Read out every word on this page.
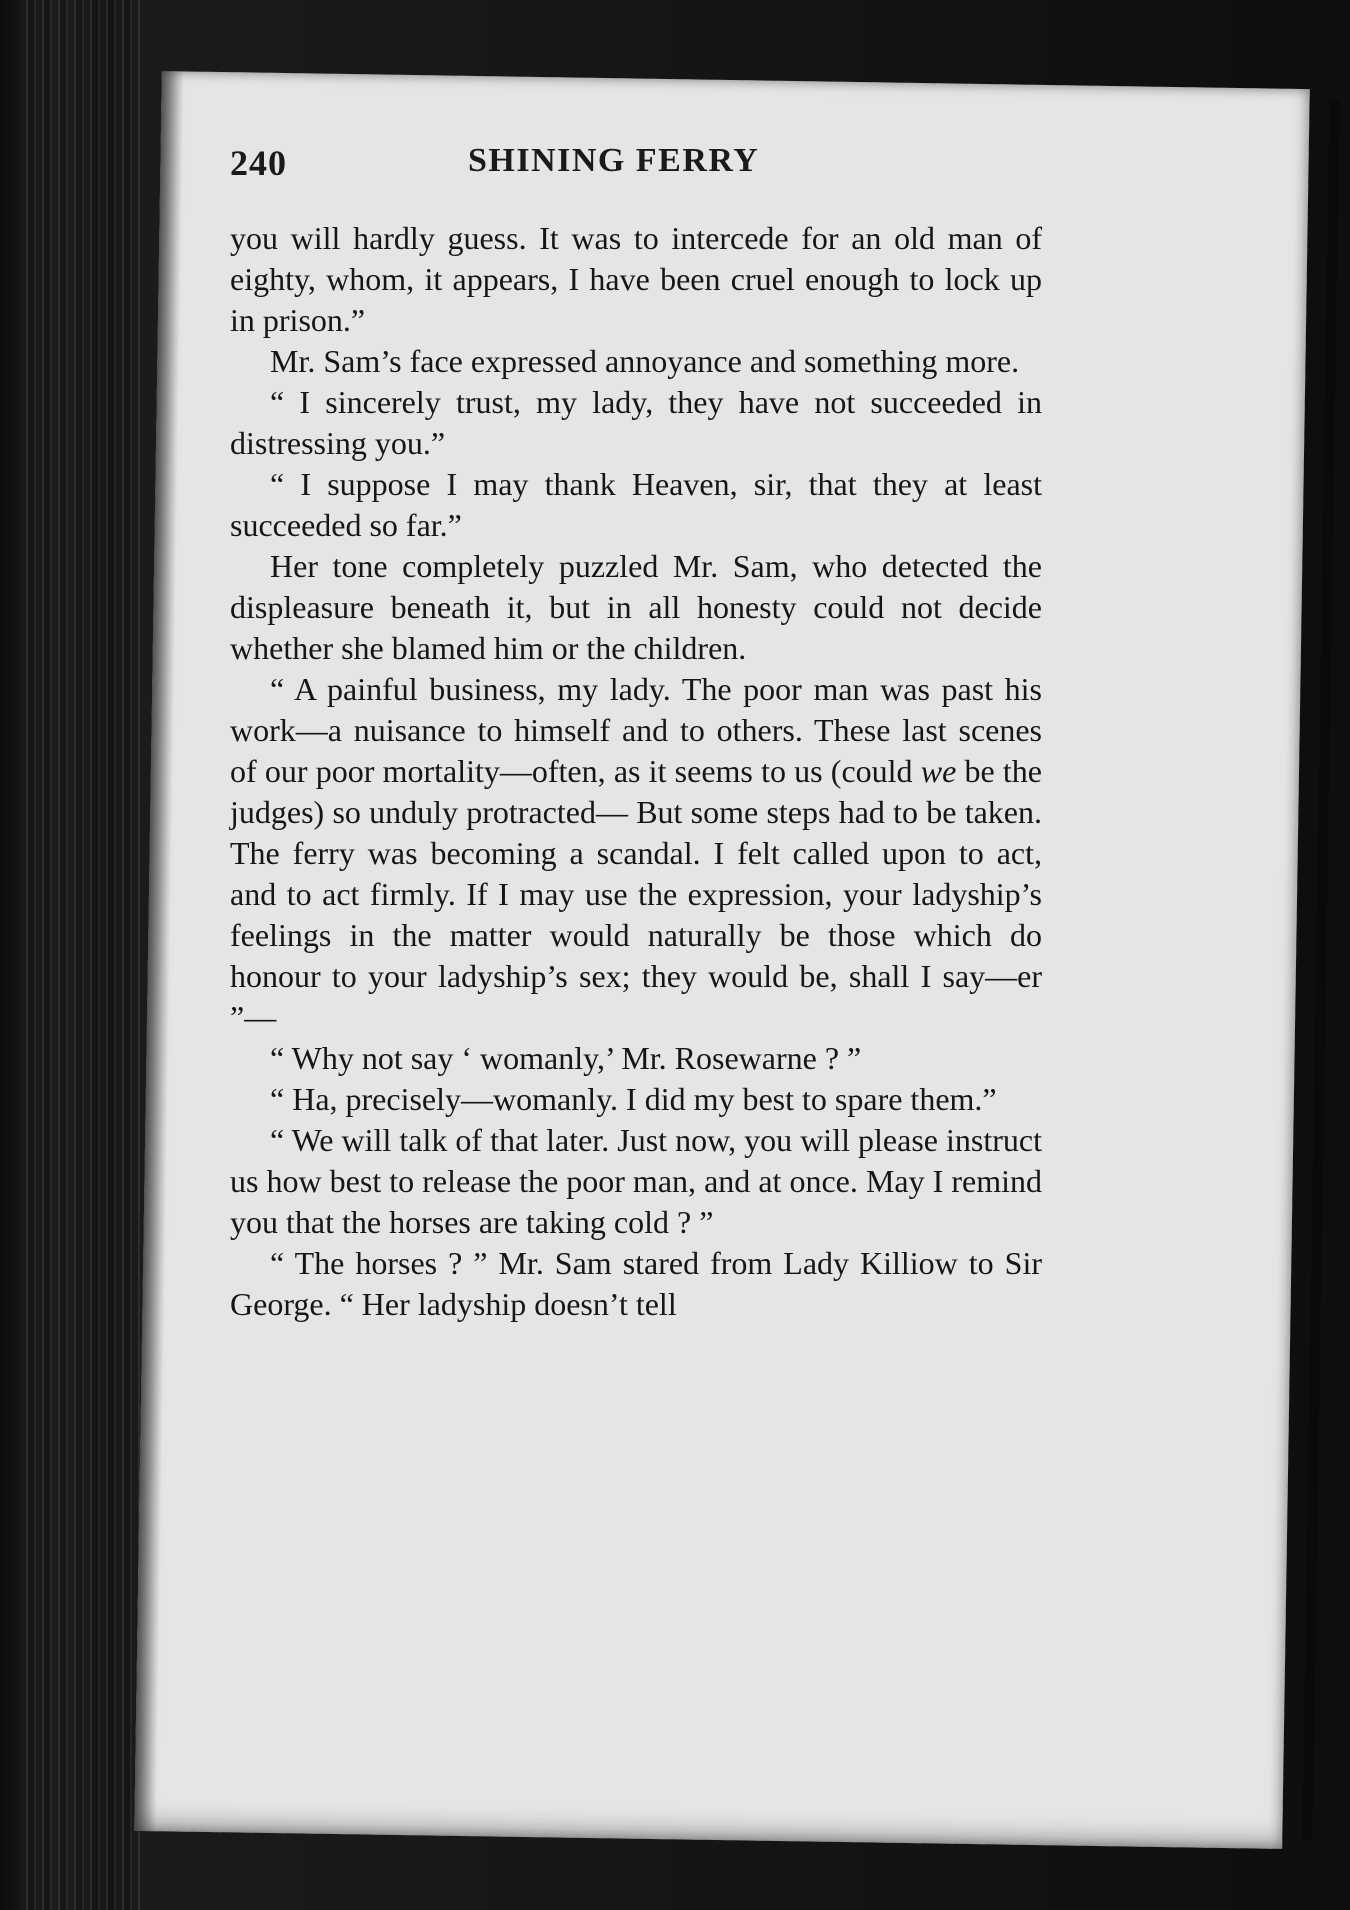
240	SHINING FERRY

you will hardly guess. It was to intercede for an old man of eighty, whom, it appears, I have been cruel enough to lock up in prison.”

Mr. Sam’s face expressed annoyance and something more.

“ I sincerely trust, my lady, they have not succeeded in distressing you.”

“ I suppose I may thank Heaven, sir, that they at least succeeded so far.”

Her tone completely puzzled Mr. Sam, who detected the displeasure beneath it, but in all honesty could not decide whether she blamed him or the children.

“ A painful business, my lady. The poor man was past his work—a nuisance to himself and to others. These last scenes of our poor mortality—often, as it seems to us (could we be the judges) so unduly protracted— But some steps had to be taken. The ferry was becoming a scandal. I felt called upon to act, and to act firmly. If I may use the expression, your ladyship’s feelings in the matter would naturally be those which do honour to your ladyship’s sex; they would be, shall I say—er ”—

“ Why not say ‘ womanly,’ Mr. Rosewarne ? ”

“ Ha, precisely—womanly. I did my best to spare them.”

“ We will talk of that later. Just now, you will please instruct us how best to release the poor man, and at once. May I remind you that the horses are taking cold ? ”

“ The horses ? ” Mr. Sam stared from Lady Killiow to Sir George. “ Her ladyship doesn’t tell
